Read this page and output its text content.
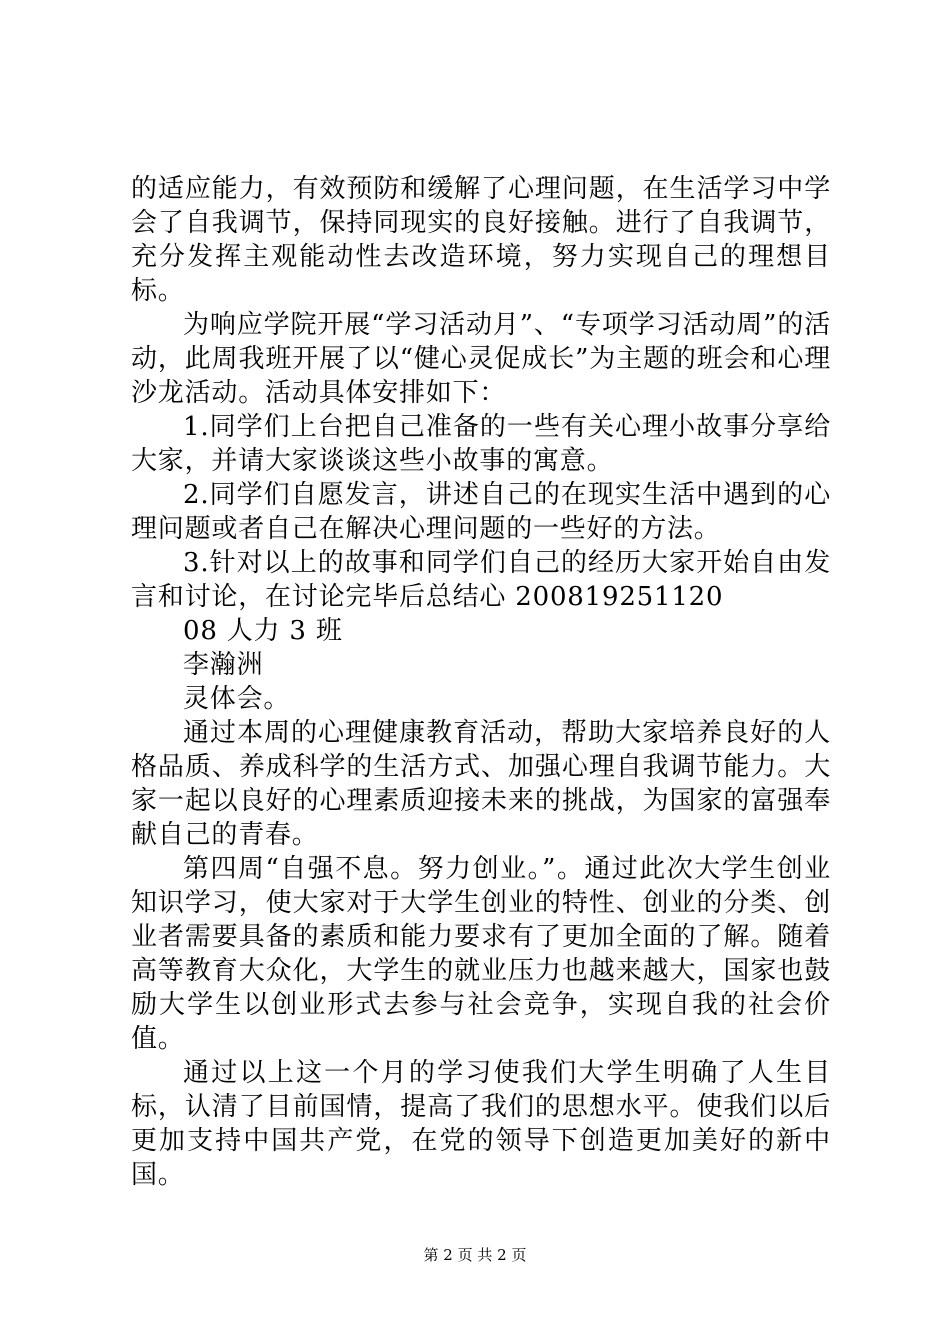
的适应能力，有效预防和缓解了心理问题，在生活学习中学会了自我调节，保持同现实的良好接触。进行了自我调节，充分发挥主观能动性去改造环境，努力实现自己的理想目标。

为响应学院开展“学习活动月”、“专项学习活动周”的活动，此周我班开展了以“健心灵促成长”为主题的班会和心理沙龙活动。活动具体安排如下：

1.同学们上台把自己准备的一些有关心理小故事分享给大家，并请大家谈谈这些小故事的寓意。

2.同学们自愿发言，讲述自己的在现实生活中遇到的心理问题或者自己在解决心理问题的一些好的方法。

3.针对以上的故事和同学们自己的经历大家开始自由发言和讨论，在讨论完毕后总结心 200819251120

08 人力 3 班

李瀚洲

灵体会。

通过本周的心理健康教育活动，帮助大家培养良好的人格品质、养成科学的生活方式、加强心理自我调节能力。大家一起以良好的心理素质迎接未来的挑战，为国家的富强奉献自己的青春。

第四周“自强不息。努力创业。”。通过此次大学生创业知识学习，使大家对于大学生创业的特性、创业的分类、创业者需要具备的素质和能力要求有了更加全面的了解。随着高等教育大众化，大学生的就业压力也越来越大，国家也鼓励大学生以创业形式去参与社会竞争，实现自我的社会价值。

通过以上这一个月的学习使我们大学生明确了人生目标，认清了目前国情，提高了我们的思想水平。使我们以后更加支持中国共产党，在党的领导下创造更加美好的新中国。

第 2 页 共 2 页
